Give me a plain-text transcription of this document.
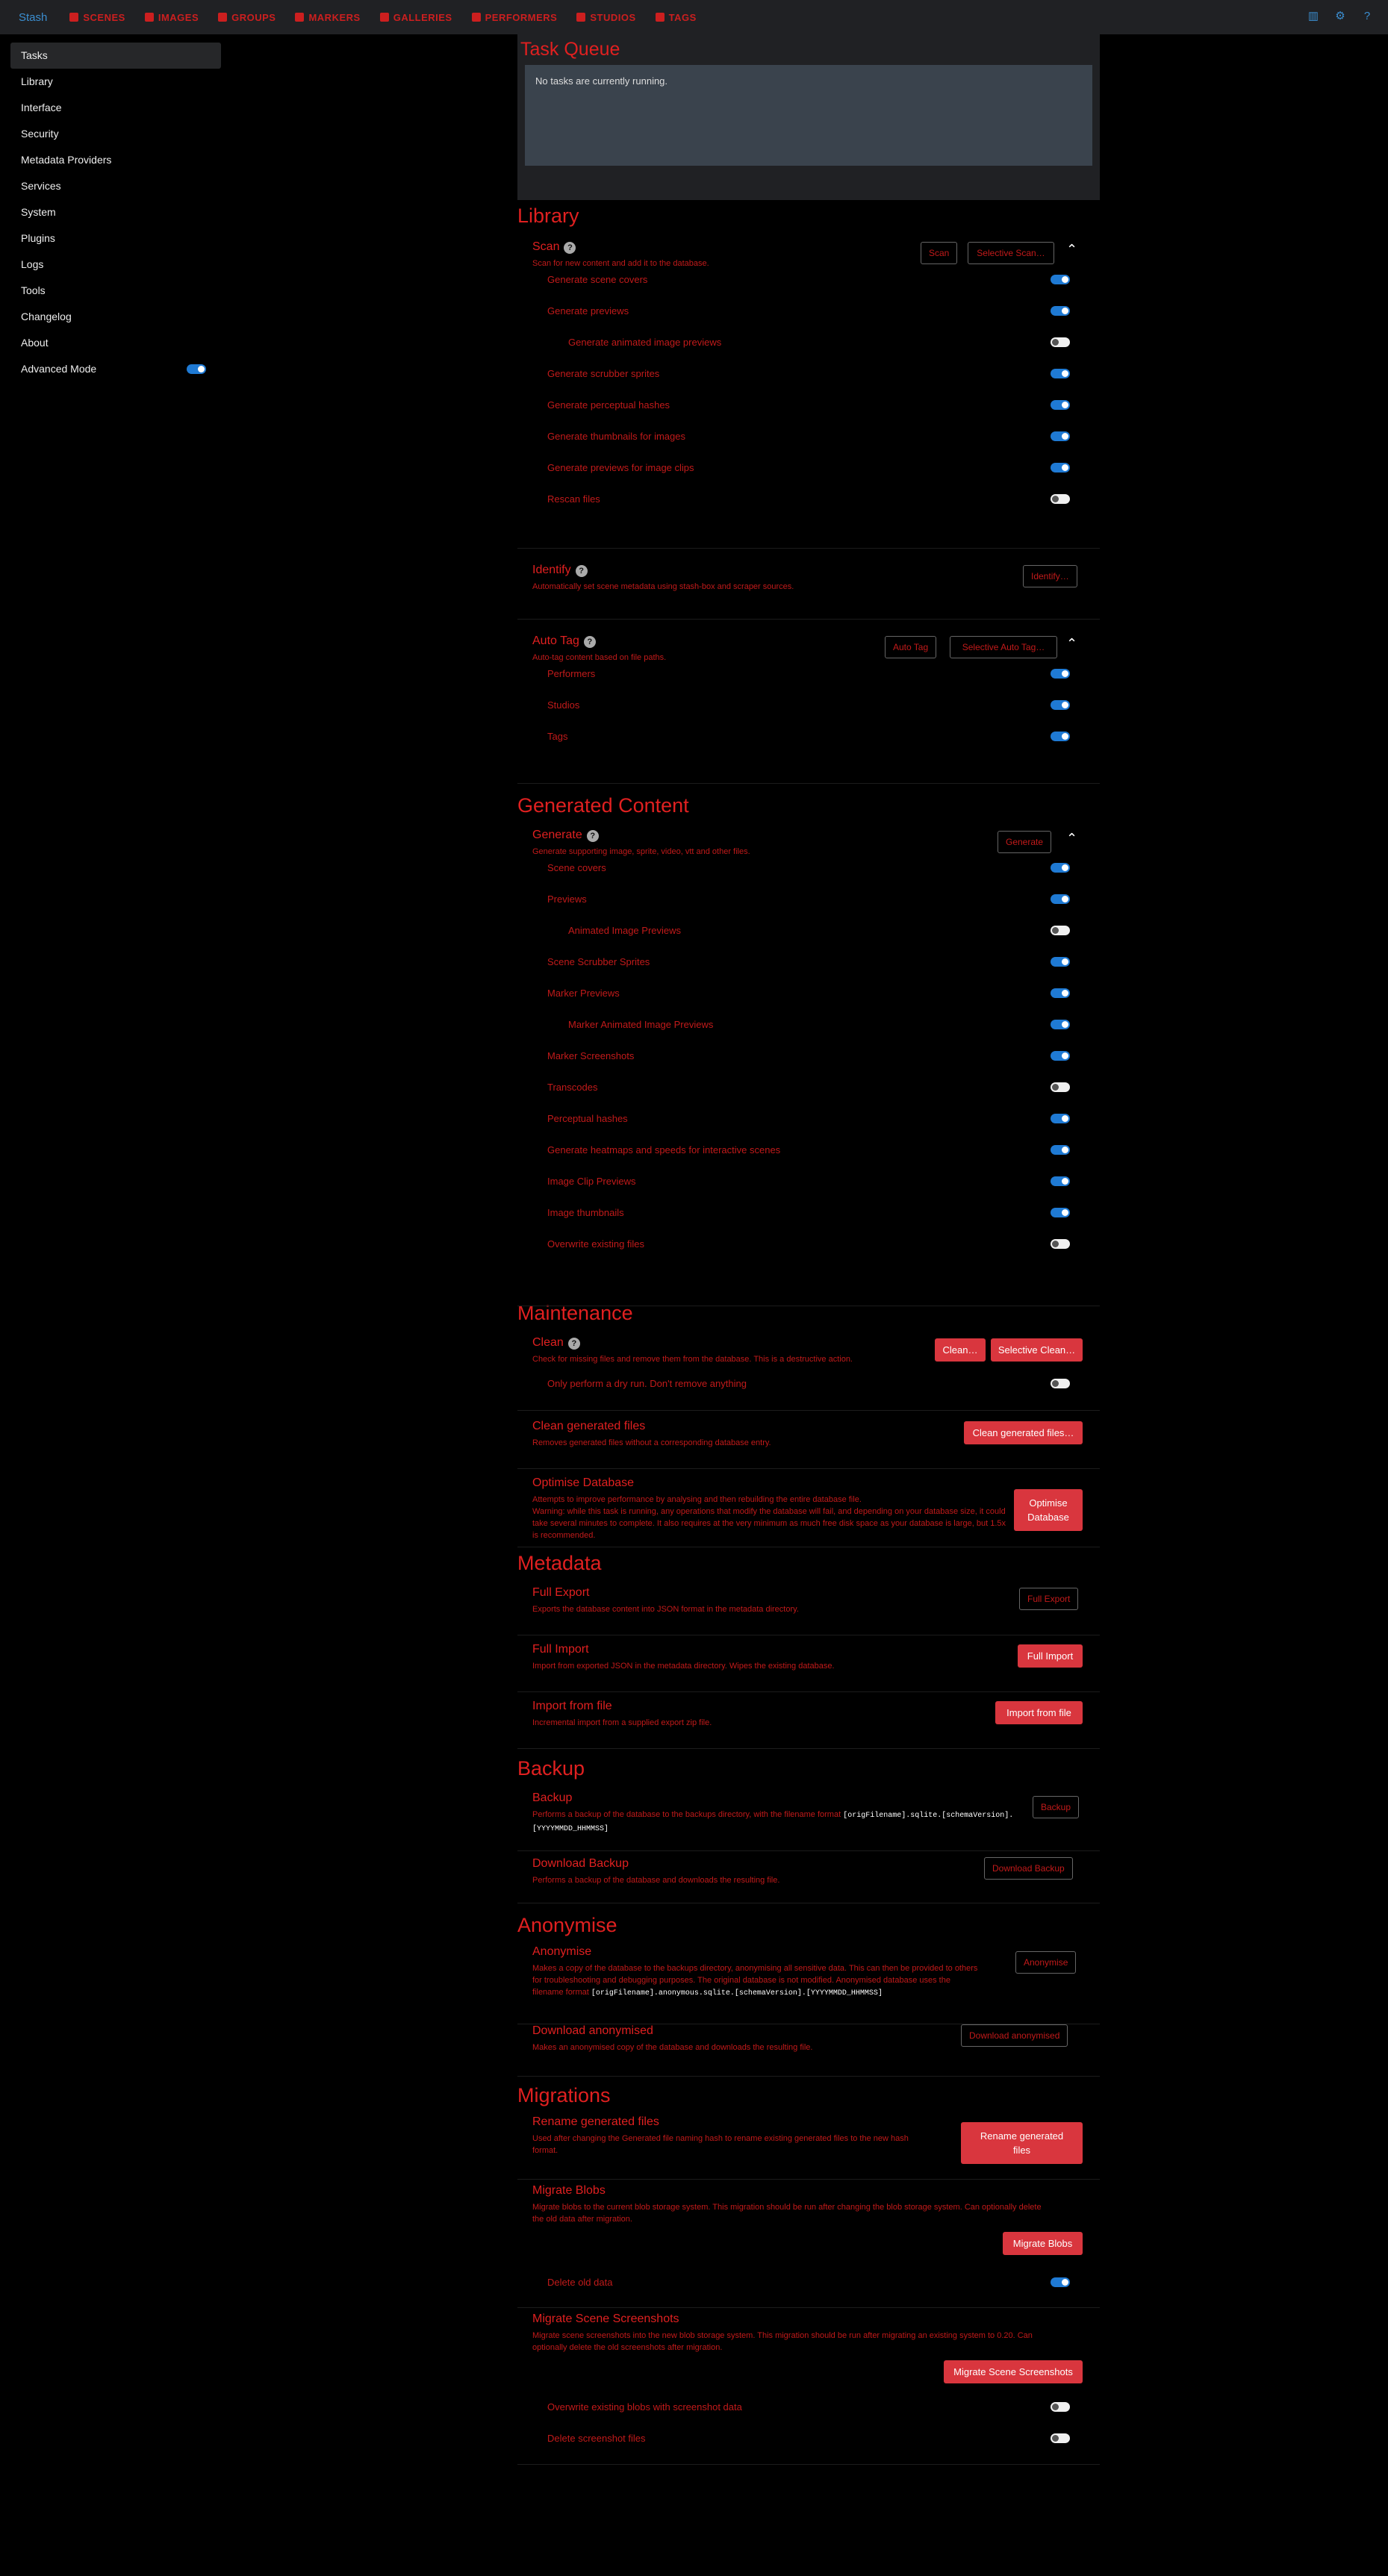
Stash	SCENES	IMAGES	GROUPS	MARKERS	GALLERIES	PERFORMERS	STUDIOS	TAGS	▥ ⚙ ?
Tasks
Library
Interface
Security
Metadata Providers
Services
System
Plugins
Logs
Tools
Changelog
About
Advanced Mode
Task Queue
No tasks are currently running.
Library
Scan ?
Scan for new content and add it to the database.
Scan	Selective Scan…	⌃
Generate scene covers
Generate previews
Generate animated image previews
Generate scrubber sprites
Generate perceptual hashes
Generate thumbnails for images
Generate previews for image clips
Rescan files
Identify ?
Automatically set scene metadata using stash-box and scraper sources.
Identify…
Auto Tag ?
Auto-tag content based on file paths.
Auto Tag	Selective Auto Tag…	⌃
Performers
Studios
Tags
Generated Content
Generate ?
Generate supporting image, sprite, video, vtt and other files.
Generate	⌃
Scene covers
Previews
Animated Image Previews
Scene Scrubber Sprites
Marker Previews
Marker Animated Image Previews
Marker Screenshots
Transcodes
Perceptual hashes
Generate heatmaps and speeds for interactive scenes
Image Clip Previews
Image thumbnails
Overwrite existing files
Maintenance
Clean ?
Check for missing files and remove them from the database. This is a destructive action.
Clean…	Selective Clean…
Only perform a dry run. Don't remove anything
Clean generated files
Removes generated files without a corresponding database entry.
Clean generated files…
Optimise Database
Attempts to improve performance by analysing and then rebuilding the entire database file.
Warning: while this task is running, any operations that modify the database will fail, and depending on your database size, it could take several minutes to complete. It also requires at the very minimum as much free disk space as your database is large, but 1.5x is recommended.
Optimise
Database
Metadata
Full Export
Exports the database content into JSON format in the metadata directory.
Full Export
Full Import
Import from exported JSON in the metadata directory. Wipes the existing database.
Full Import
Import from file
Incremental import from a supplied export zip file.
Import from file
Backup
Backup
Performs a backup of the database to the backups directory, with the filename format [origFilename].sqlite.[schemaVersion].
[YYYYMMDD_HHMMSS]
Backup
Download Backup
Performs a backup of the database and downloads the resulting file.
Download Backup
Anonymise
Anonymise
Makes a copy of the database to the backups directory, anonymising all sensitive data. This can then be provided to others
for troubleshooting and debugging purposes. The original database is not modified. Anonymised database uses the
filename format [origFilename].anonymous.sqlite.[schemaVersion].[YYYYMMDD_HHMMSS]
Anonymise
Download anonymised
Makes an anonymised copy of the database and downloads the resulting file.
Download anonymised
Migrations
Rename generated files
Used after changing the Generated file naming hash to rename existing generated files to the new hash
format.
Rename generated
files
Migrate Blobs
Migrate blobs to the current blob storage system. This migration should be run after changing the blob storage system. Can optionally delete
the old data after migration.
Migrate Blobs
Delete old data
Migrate Scene Screenshots
Migrate scene screenshots into the new blob storage system. This migration should be run after migrating an existing system to 0.20. Can
optionally delete the old screenshots after migration.
Migrate Scene Screenshots
Overwrite existing blobs with screenshot data
Delete screenshot files
